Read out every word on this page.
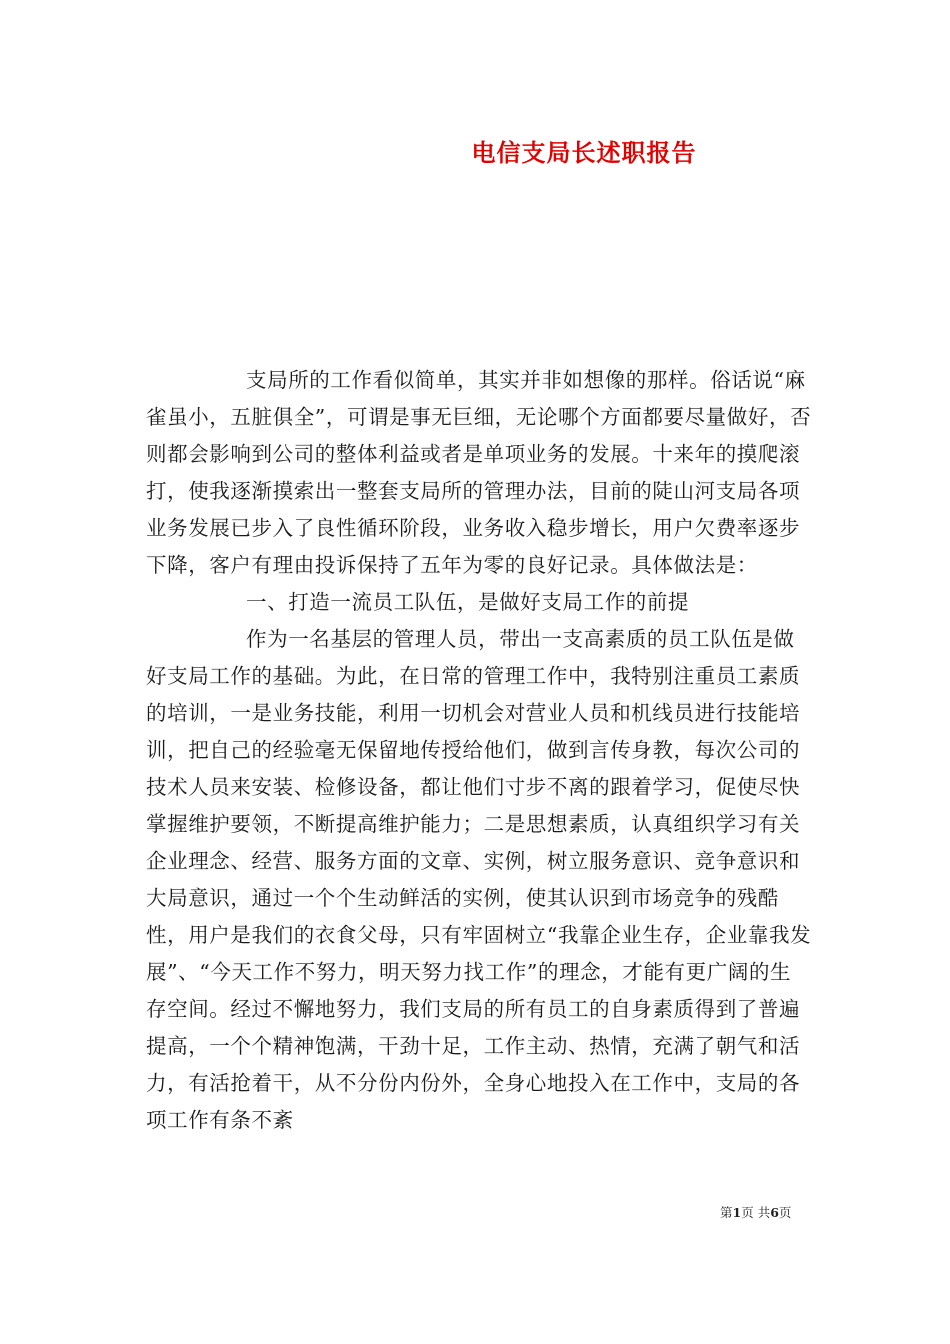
电信支局长述职报告

支局所的工作看似简单，其实并非如想像的那样。俗话说“麻雀虽小，五脏俱全”，可谓是事无巨细，无论哪个方面都要尽量做好，否则都会影响到公司的整体利益或者是单项业务的发展。十来年的摸爬滚打，使我逐渐摸索出一整套支局所的管理办法，目前的陡山河支局各项业务发展已步入了良性循环阶段，业务收入稳步增长，用户欠费率逐步下降，客户有理由投诉保持了五年为零的良好记录。具体做法是：

一、打造一流员工队伍，是做好支局工作的前提

作为一名基层的管理人员，带出一支高素质的员工队伍是做好支局工作的基础。为此，在日常的管理工作中，我特别注重员工素质的培训，一是业务技能，利用一切机会对营业人员和机线员进行技能培训，把自己的经验毫无保留地传授给他们，做到言传身教，每次公司的技术人员来安装、检修设备，都让他们寸步不离的跟着学习，促使尽快掌握维护要领，不断提高维护能力；二是思想素质，认真组织学习有关企业理念、经营、服务方面的文章、实例，树立服务意识、竞争意识和大局意识，通过一个个生动鲜活的实例，使其认识到市场竞争的残酷性，用户是我们的衣食父母，只有牢固树立“我靠企业生存，企业靠我发展”、“今天工作不努力，明天努力找工作”的理念，才能有更广阔的生存空间。经过不懈地努力，我们支局的所有员工的自身素质得到了普遍提高，一个个精神饱满，干劲十足，工作主动、热情，充满了朝气和活力，有活抢着干，从不分份内份外，全身心地投入在工作中，支局的各项工作有条不紊

第1页 共6页
